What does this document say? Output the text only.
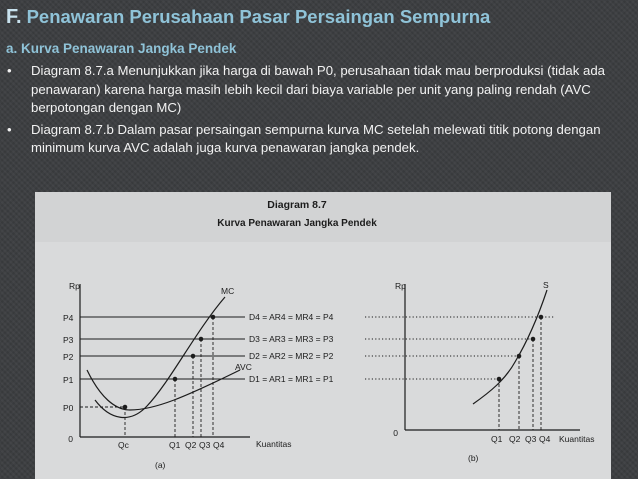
F. Penawaran Perusahaan Pasar Persaingan Sempurna
a. Kurva Penawaran Jangka Pendek
•	Diagram 8.7.a Menunjukkan jika harga di bawah P0, perusahaan tidak mau berproduksi (tidak ada penawaran) karena harga masih lebih kecil dari biaya variable per unit yang paling rendah (AVC berpotongan dengan MC)
•	Diagram 8.7.b Dalam pasar persaingan sempurna kurva MC setelah melewati titik potong dengan minimum kurva AVC adalah juga kurva penawaran jangka pendek.
Diagram 8.7
Kurva Penawaran Jangka Pendek
Rp
0	Kuantitas
P4
P3
P2
P1
P0
D4 = AR4 = MR4 = P4
D3 = AR3 = MR3 = P3
D2 = AR2 = MR2 = P2
D1 = AR1 = MR1 = P1
AVC
MC
Qc	Q1 Q2 Q3 Q4
(a)
Rp
0
Kuantitas
S
Q1 Q2 Q3 Q4
(b)
